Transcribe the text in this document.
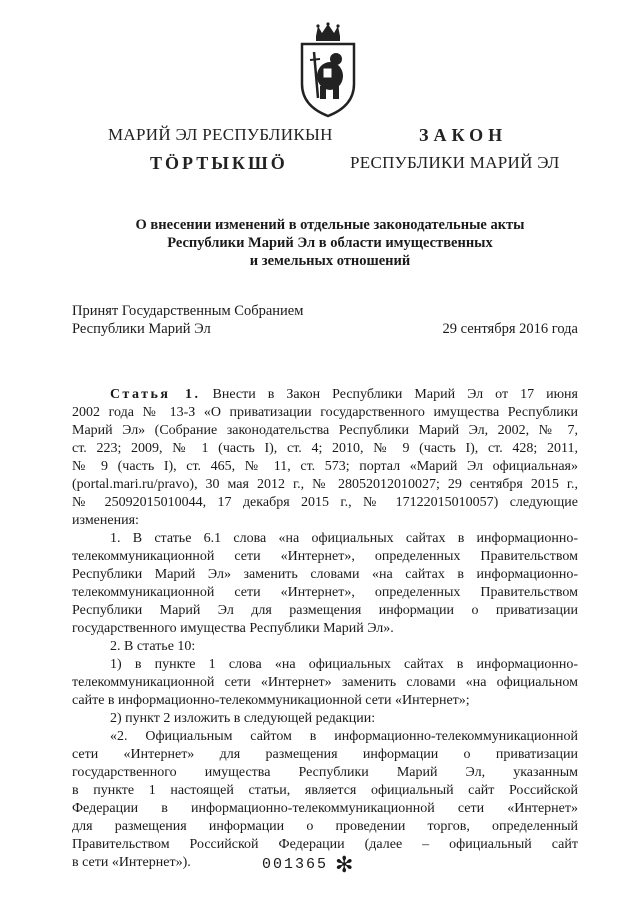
МАРИЙ ЭЛ РЕСПУБЛИКЫН
ТӦРТЫКШӦ
ЗАКОН
РЕСПУБЛИКИ МАРИЙ ЭЛ
О внесении изменений в отдельные законодательные акты
Республики Марий Эл в области имущественных
и земельных отношений
Принят Государственным Собранием
Республики Марий Эл	29 сентября 2016 года
Статья 1. Внести в Закон Республики Марий Эл от 17 июня
2002 года № 13-З «О приватизации государственного имущества Республики
Марий Эл» (Собрание законодательства Республики Марий Эл, 2002, № 7,
ст. 223; 2009, № 1 (часть I), ст. 4; 2010, № 9 (часть I), ст. 428; 2011,
№ 9 (часть I), ст. 465, № 11, ст. 573; портал «Марий Эл официальная»
(portal.mari.ru/pravo), 30 мая 2012 г., № 28052012010027; 29 сентября 2015 г.,
№ 25092015010044, 17 декабря 2015 г., № 17122015010057) следующие
изменения:
1. В статье 6.1 слова «на официальных сайтах в информационно-
телекоммуникационной сети «Интернет», определенных Правительством
Республики Марий Эл» заменить словами «на сайтах в информационно-
телекоммуникационной сети «Интернет», определенных Правительством
Республики Марий Эл для размещения информации о приватизации
государственного имущества Республики Марий Эл».
2. В статье 10:
1) в пункте 1 слова «на официальных сайтах в информационно-
телекоммуникационной сети «Интернет» заменить словами «на официальном
сайте в информационно-телекоммуникационной сети «Интернет»;
2) пункт 2 изложить в следующей редакции:
«2. Официальным сайтом в информационно-телекоммуникационной
сети «Интернет» для размещения информации о приватизации
государственного имущества Республики Марий Эл, указанным
в пункте 1 настоящей статьи, является официальный сайт Российской
Федерации в информационно-телекоммуникационной сети «Интернет»
для размещения информации о проведении торгов, определенный
Правительством Российской Федерации (далее – официальный сайт
в сети «Интернет»).	001365 ✻
